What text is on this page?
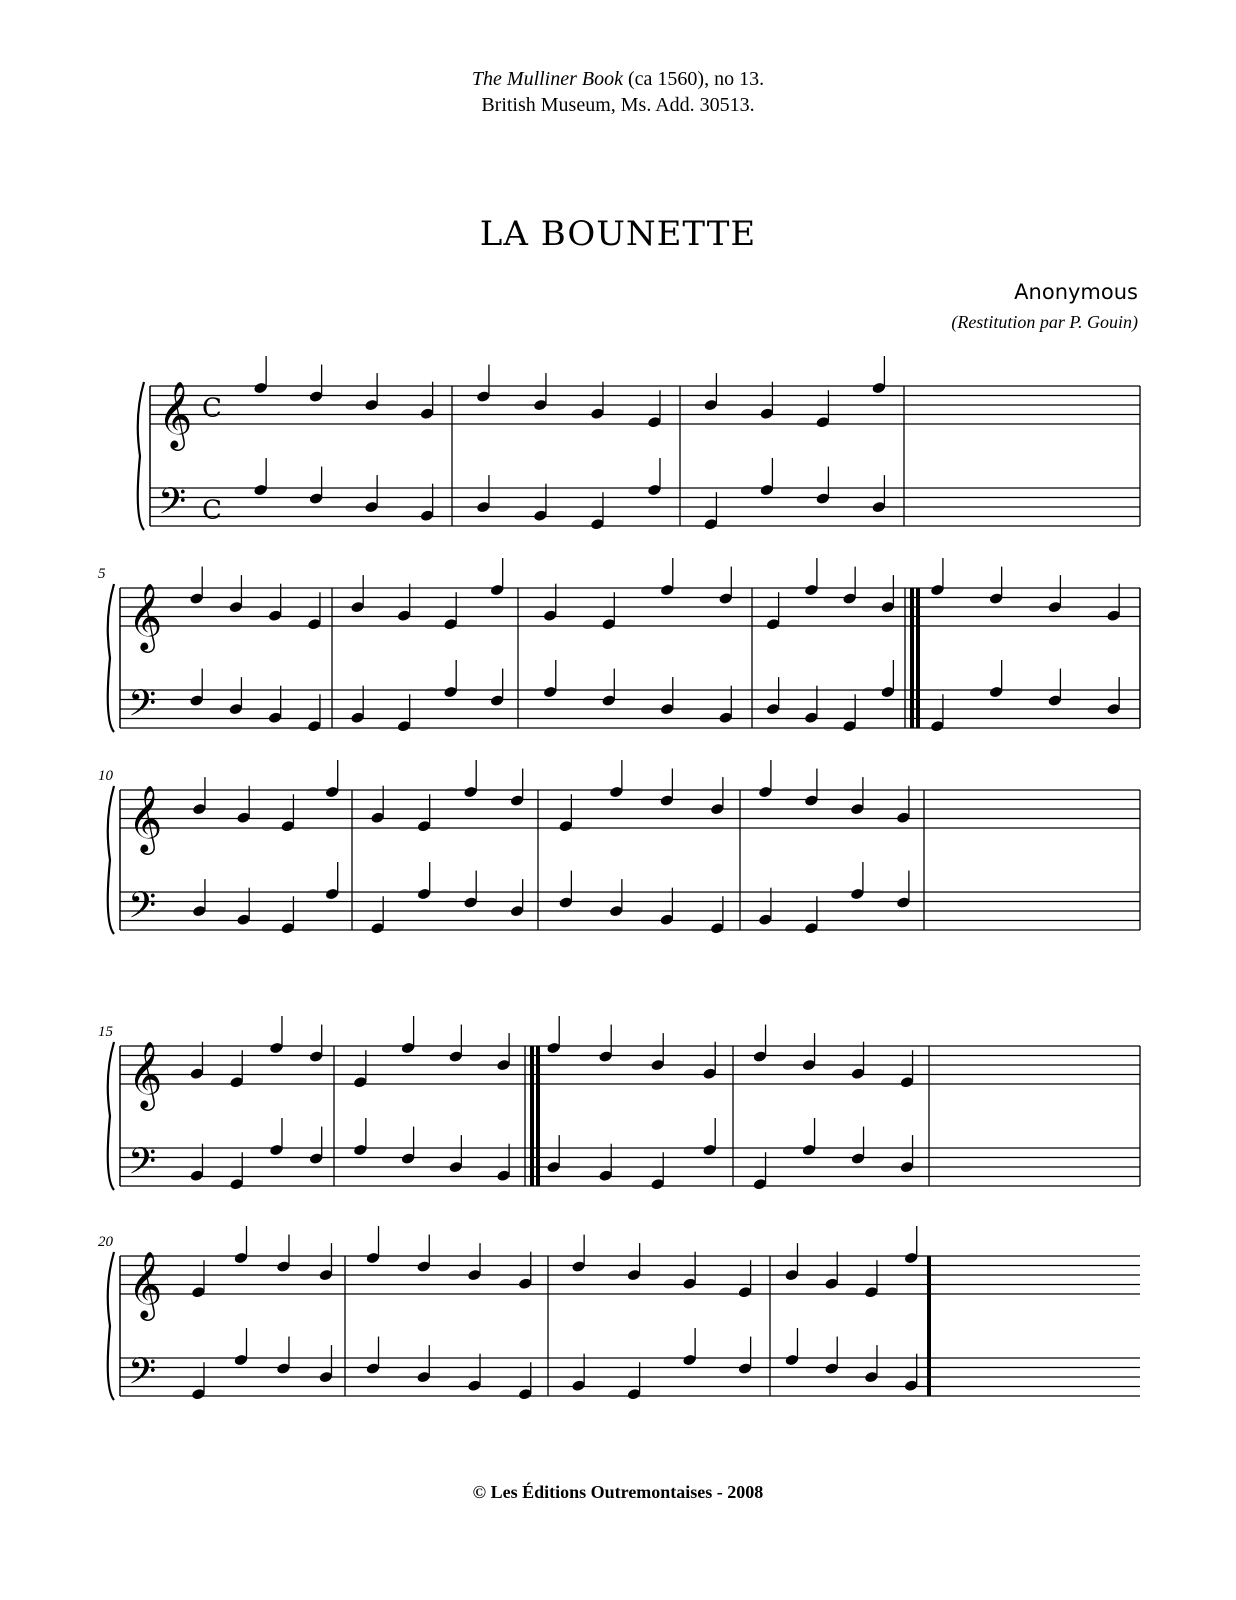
The Mulliner Book (ca 1560), no 13.
British Museum, Ms. Add. 30513.
LA BOUNETTE
Anonymous
(Restitution par P. Gouin)
𝄞
𝄢
C
C
𝄞
𝄢
5
𝄞
𝄢
10
𝄞
𝄢
15
𝄞
𝄢
20
© Les Éditions Outremontaises - 2008
